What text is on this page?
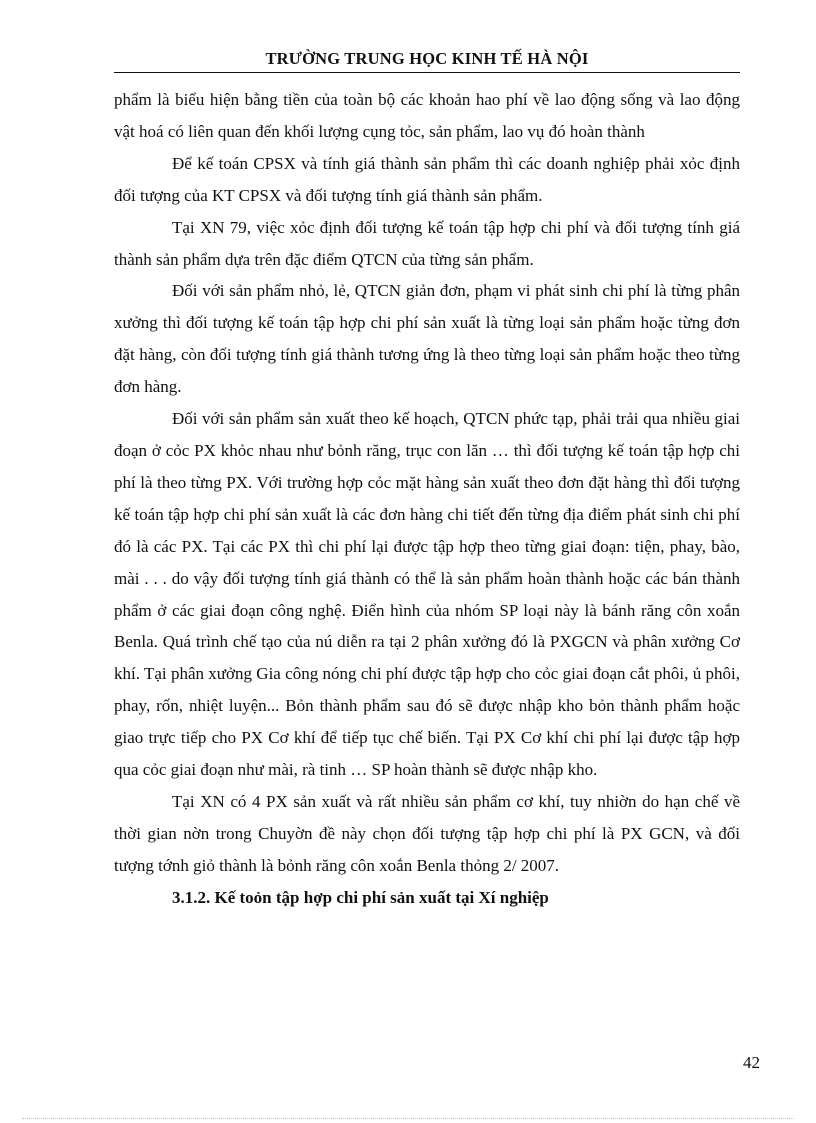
TRƯỜNG TRUNG HỌC KINH TẾ HÀ NỘI

phẩm là biểu hiện bằng tiền của toàn bộ các khoản hao phí về lao động sống và lao động vật hoá có liên quan đến khối lượng cụng tỏc, sản phẩm, lao vụ đó hoàn thành

Để kế toán CPSX và tính giá thành sản phẩm thì các doanh nghiệp phải xỏc định đối tượng của KT CPSX và đối tượng tính giá thành sản phẩm.

Tại XN 79, việc xỏc định đối tượng kế toán tập hợp chi phí và đối tượng tính giá thành sản phẩm dựa trên đặc điểm QTCN của từng sản phẩm.

Đối với sản phẩm nhỏ, lẻ, QTCN giản đơn, phạm vi phát sinh chi phí là từng phân xưởng thì đối tượng kế toán tập hợp chi phí sản xuất là từng loại sản phẩm hoặc từng đơn đặt hàng, còn đối tượng tính giá thành tương ứng là theo từng loại sản phẩm hoặc theo từng đơn hàng.

Đối với sản phẩm sản xuất theo kế hoạch, QTCN phức tạp, phải trải qua nhiều giai đoạn ở cỏc PX khỏc nhau như bỏnh răng, trục con lăn … thì đối tượng kế toán tập hợp chi phí là theo từng PX. Với trường hợp cỏc mặt hàng sản xuất theo đơn đặt hàng thì đối tượng kế toán tập hợp chi phí sản xuất là các đơn hàng chi tiết đến từng địa điểm phát sinh chi phí đó là các PX. Tại các PX thì chi phí lại được tập hợp theo từng giai đoạn: tiện, phay, bào, mài . . . do vậy đối tượng tính giá thành có thể là sản phẩm hoàn thành hoặc các bán thành phẩm ở các giai đoạn công nghệ. Điển hình của nhóm SP loại này là bánh răng côn xoắn Benla. Quá trình chế tạo của nú diễn ra tại 2 phân xưởng đó là PXGCN và phân xưởng Cơ khí. Tại phân xưởng Gia công nóng chi phí được tập hợp cho cỏc giai đoạn cắt phôi, ủ phôi, phay, rốn, nhiệt luyện... Bỏn thành phẩm sau đó sẽ được nhập kho bỏn thành phẩm hoặc giao trực tiếp cho PX Cơ khí để tiếp tục chế biến. Tại PX Cơ khí chi phí lại được tập hợp qua cỏc giai đoạn như mài, rà tinh … SP hoàn thành sẽ được nhập kho.

Tại XN có 4 PX sản xuất và rất nhiều sản phẩm cơ khí, tuy nhiờn do hạn chế về thời gian nờn trong Chuyờn đề này chọn đối tượng tập hợp chi phí là PX GCN, và đối tượng tớnh giỏ thành là bỏnh răng côn xoắn Benla thỏng 2/ 2007.

3.1.2. Kế toỏn tập hợp chi phí sản xuất tại Xí nghiệp

42
